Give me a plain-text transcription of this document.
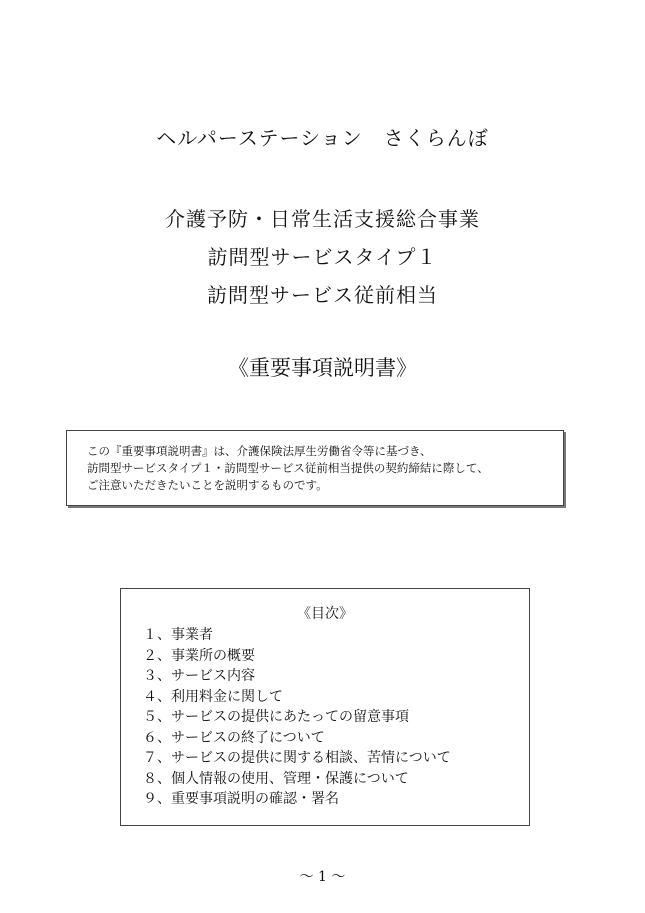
ヘルパーステーション　さくらんぼ
介護予防・日常生活支援総合事業
訪問型サービスタイプ１
訪問型サービス従前相当
《重要事項説明書》
この『重要事項説明書』は、介護保険法厚生労働省令等に基づき、
訪問型サービスタイプ１・訪問型サービス従前相当提供の契約締結に際して、
ご注意いただきたいことを説明するものです。
《目次》
１、事業者
２、事業所の概要
３、サービス内容
４、利用料金に関して
５、サービスの提供にあたっての留意事項
６、サービスの終了について
７、サービスの提供に関する相談、苦情について
８、個人情報の使用、管理・保護について
９、重要事項説明の確認・署名
～ 1 ～
